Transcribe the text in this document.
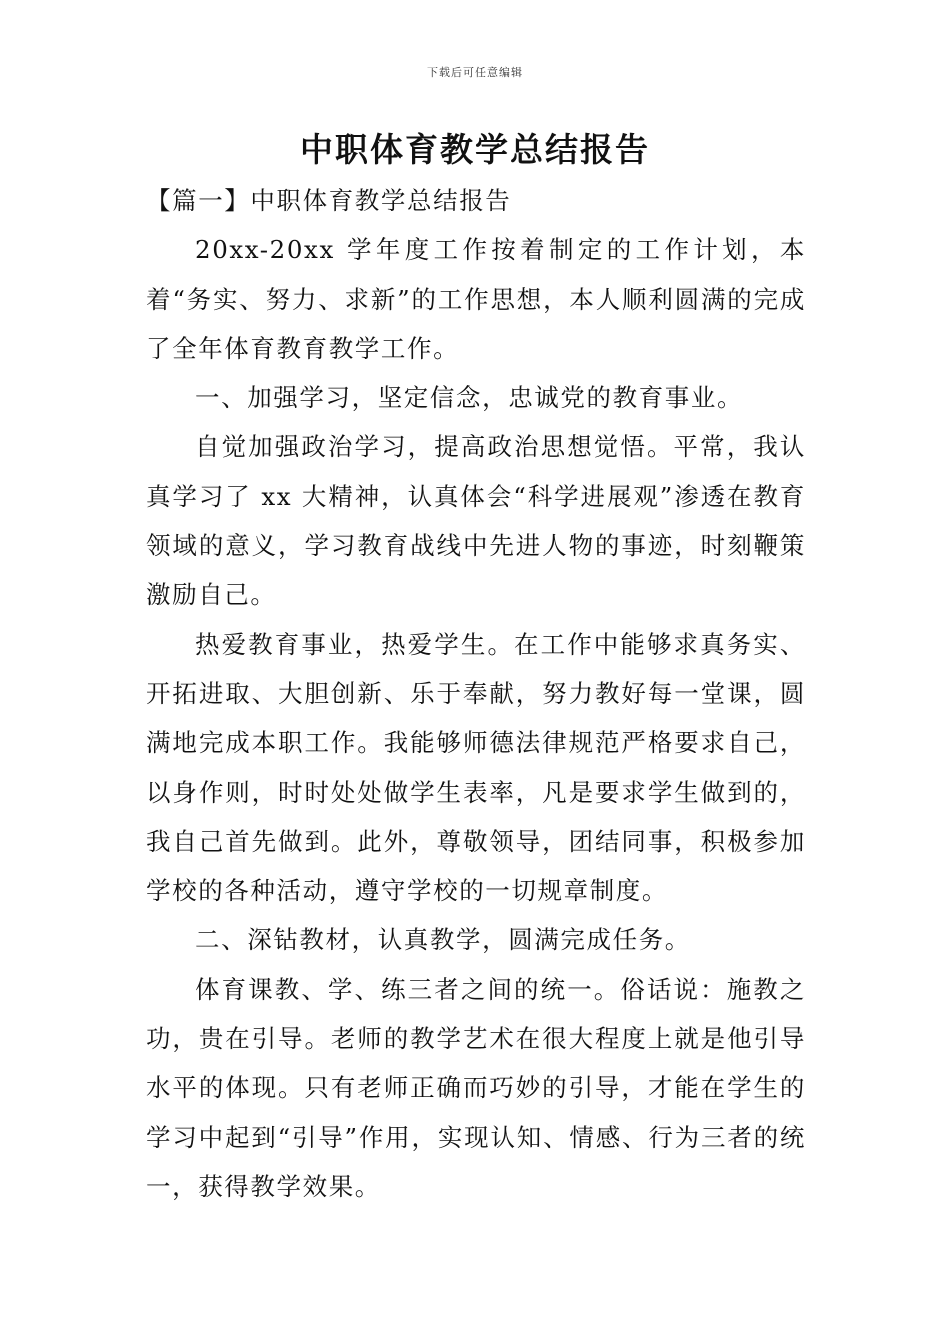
下载后可任意编辑
中职体育教学总结报告

【篇一】中职体育教学总结报告

20xx-20xx 学年度工作按着制定的工作计划，本着“务实、努力、求新”的工作思想，本人顺利圆满的完成了全年体育教育教学工作。

一、加强学习，坚定信念，忠诚党的教育事业。

自觉加强政治学习，提高政治思想觉悟。平常，我认真学习了 xx 大精神，认真体会“科学进展观”渗透在教育领域的意义，学习教育战线中先进人物的事迹，时刻鞭策激励自己。

热爱教育事业，热爱学生。在工作中能够求真务实、开拓进取、大胆创新、乐于奉献，努力教好每一堂课，圆满地完成本职工作。我能够师德法律规范严格要求自己，以身作则，时时处处做学生表率，凡是要求学生做到的，我自己首先做到。此外，尊敬领导，团结同事，积极参加学校的各种活动，遵守学校的一切规章制度。

二、深钻教材，认真教学，圆满完成任务。

体育课教、学、练三者之间的统一。俗话说：施教之功，贵在引导。老师的教学艺术在很大程度上就是他引导水平的体现。只有老师正确而巧妙的引导，才能在学生的学习中起到“引导”作用，实现认知、情感、行为三者的统一，获得教学效果。
